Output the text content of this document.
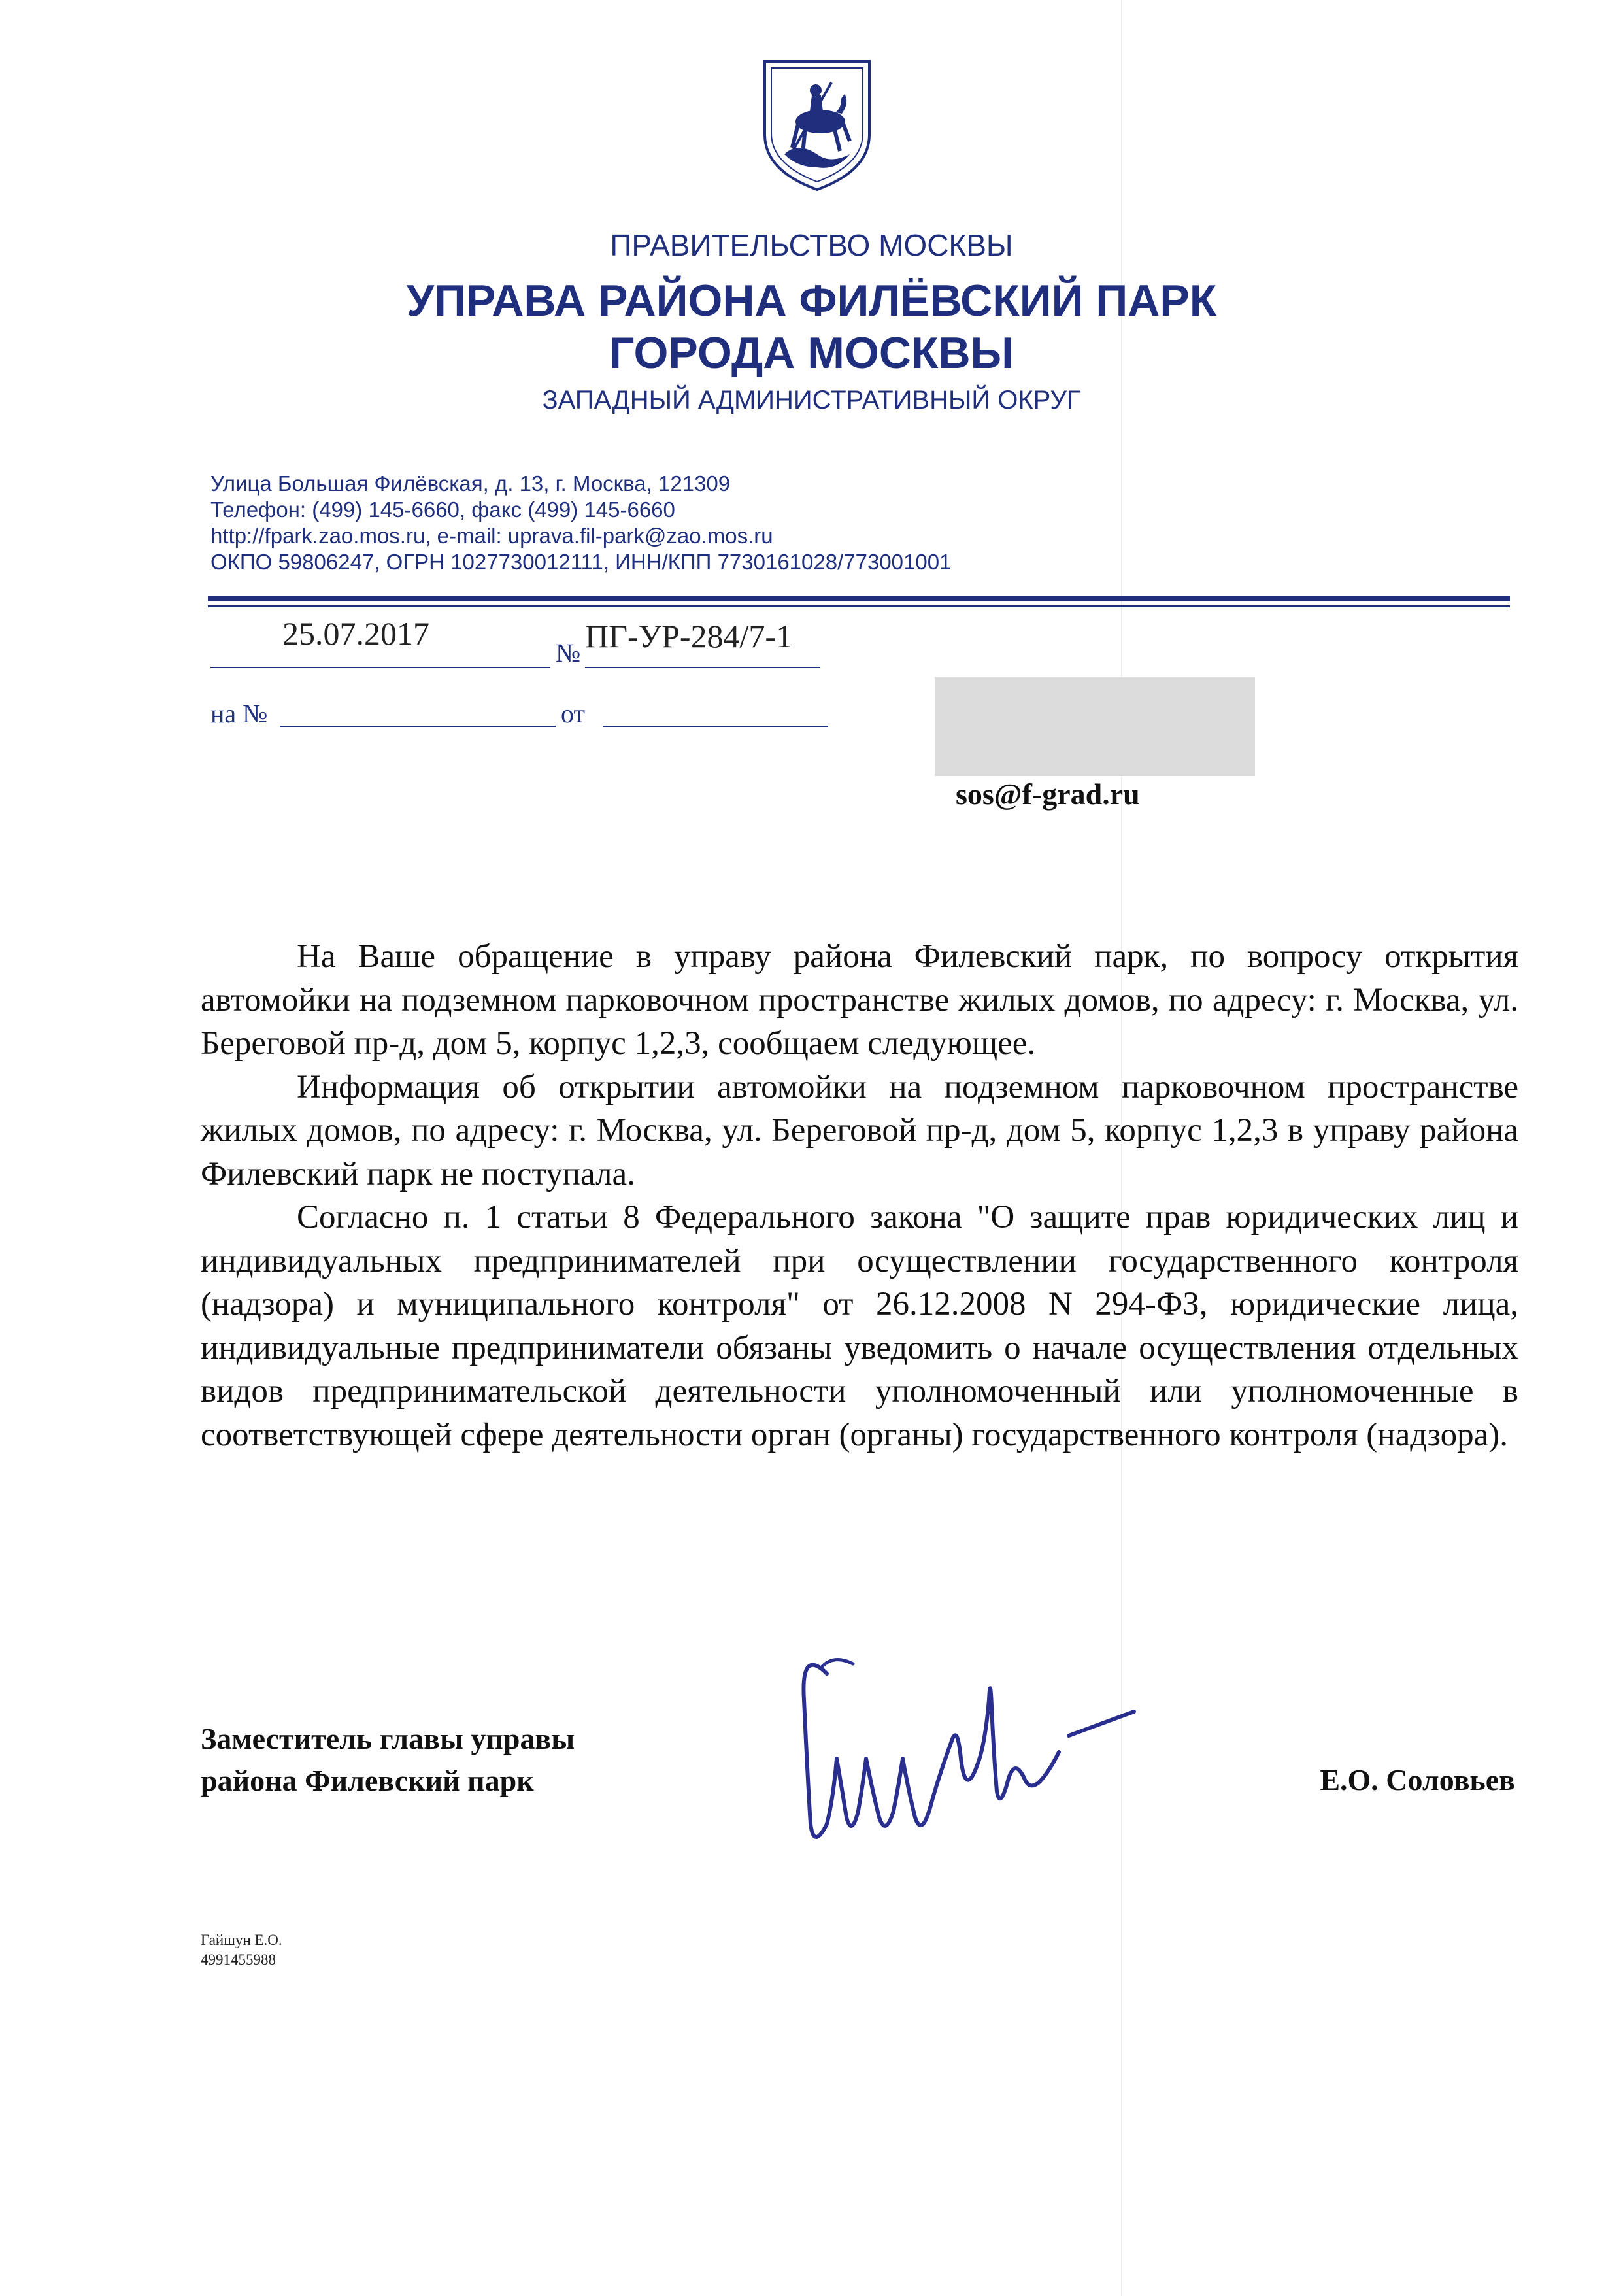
ПРАВИТЕЛЬСТВО МОСКВЫ
УПРАВА РАЙОНА ФИЛЁВСКИЙ ПАРК
ГОРОДА МОСКВЫ
ЗАПАДНЫЙ АДМИНИСТРАТИВНЫЙ ОКРУГ
Улица Большая Филёвская, д. 13, г. Москва, 121309
Телефон: (499) 145-6660, факс (499) 145-6660
http://fpark.zao.mos.ru, e-mail: uprava.fil-park@zao.mos.ru
ОКПО 59806247, ОГРН 1027730012111, ИНН/КПП 7730161028/773001001
25.07.2017
№ ПГ-УР-284/7-1
на №	от
sos@f-grad.ru

На Ваше обращение в управу района Филевский парк, по вопросу открытия автомойки на подземном парковочном пространстве жилых домов, по адресу: г. Москва, ул. Береговой пр-д, дом 5, корпус 1,2,3, сообщаем следующее.

Информация об открытии автомойки на подземном парковочном пространстве жилых домов, по адресу: г. Москва, ул. Береговой пр-д, дом 5, корпус 1,2,3 в управу района Филевский парк не поступала.

Согласно п. 1 статьи 8 Федерального закона "О защите прав юридических лиц и индивидуальных предпринимателей при осуществлении государственного контроля (надзора) и муниципального контроля" от 26.12.2008 N 294-ФЗ, юридические лица, индивидуальные предприниматели обязаны уведомить о начале осуществления отдельных видов предпринимательской деятельности уполномоченный или уполномоченные в соответствующей сфере деятельности орган (органы) государственного контроля (надзора).

Заместитель главы управы
района Филевский парк	Е.О. Соловьев
Гайшун Е.О.
4991455988
